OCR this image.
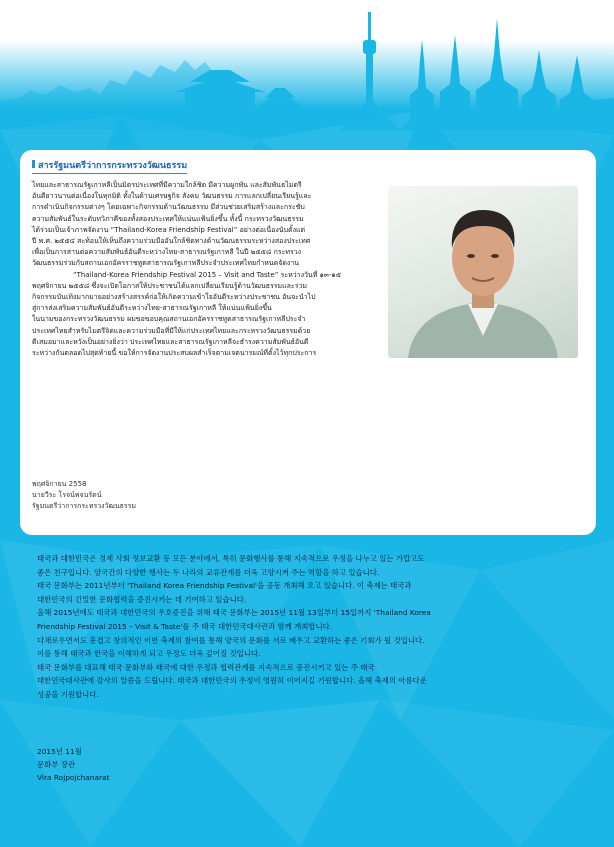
สารรัฐมนตรีว่าการกระทรวงวัฒนธรรม

ไทยและสาธารณรัฐเกาหลีเป็นมิตรประเทศที่มีความใกล้ชิด มีความผูกพัน และสัมพันธไมตรี

อันดียาวนานต่อเนื่องในทุกมิติ ทั้งในด้านเศรษฐกิจ สังคม วัฒนธรรม การแลกเปลี่ยนเรียนรู้และ

การดำเนินกิจกรรมต่างๆ โดยเฉพาะกิจกรรมด้านวัฒนธรรม มีส่วนช่วยเสริมสร้างและกระชับ

ความสัมพันธ์ในระดับทวิภาคีของทั้งสองประเทศให้แน่นแฟ้นยิ่งขึ้น ทั้งนี้ กระทรวงวัฒนธรรม

ได้ร่วมเป็นเจ้าภาพจัดงาน “Thailand-Korea Friendship Festival” อย่างต่อเนื่องนับตั้งแต่

ปี พ.ศ. ๒๕๕๔ สะท้อนให้เห็นถึงความร่วมมืออันใกล้ชิดทางด้านวัฒนธรรมระหว่างสองประเทศ

เพื่อเป็นการสานต่อความสัมพันธ์อันดีระหว่างไทย-สาธารณรัฐเกาหลี ในปี ๒๕๕๘ กระทรวง

วัฒนธรรมร่วมกับสถานเอกอัครราชทูตสาธารณรัฐเกาหลีประจำประเทศไทยกำหนดจัดงาน

“Thailand-Korea Friendship Festival 2015 – Visit and Taste” ระหว่างวันที่ ๑๓-๑๕

พฤศจิกายน ๒๕๕๘ ซึ่งจะเปิดโอกาสให้ประชาชนได้แลกเปลี่ยนเรียนรู้ด้านวัฒนธรรมและร่วม

กิจกรรมบันเทิงมากมายอย่างสร้างสรรค์ก่อให้เกิดความเข้าใจอันดีระหว่างประชาชน อันจะนำไป

สู่การส่งเสริมความสัมพันธ์อันดีระหว่างไทย-สาธารณรัฐเกาหลี ให้แน่นแฟ้นยิ่งขึ้น

ในนามของกระทรวงวัฒนธรรม ผมขอขอบคุณสถานเอกอัครราชทูตสาธารณรัฐเกาหลีประจำ

ประเทศไทยสำหรับไมตรีจิตและความร่วมมือที่มีให้แก่ประเทศไทยและกระทรวงวัฒนธรรมด้วย

ดีเสมอมาและหวังเป็นอย่างยิ่งว่า ประเทศไทยและสาธารณรัฐเกาหลีจะธำรงความสัมพันธ์อันดี

ระหว่างกันตลอดไปสุดท้ายนี้ ขอให้การจัดงานประสบผลสำเร็จตามเจตนารมณ์ที่ตั้งไว้ทุกประการ

พฤศจิกายน 2558
นายวีระ โรจน์พจนรัตน์
รัฐมนตรีว่าการกระทรวงวัฒนธรรม

태국과 대한민국은 경제 사회 정보교환 등 모든 분야에서, 특히 문화행사를 통해 지속적으로 우정을 나누고 있는 가깝고도

좋은 친구입니다. 양국간의 다양한 행사는 두 나라의 교류관계를 더욱 고양시켜 주는 역할을 하고 있습니다.

태국 문화부는 2011년부터 'Thailand Korea Friendship Festival'을 공동 개최해 오고 있습니다. 이 축제는 태국과

대한민국의 긴밀한 문화협력을 증진시키는 데 기여하고 있습니다.

올해 2015년에도 태국과 대한민국의 우호증진을 위해 태국 문화부는 2015년 11월 13일부터 15일까지 'Thailand Korea

Friendship Festival 2015 – Visit & Taste'를 주 태국 대한민국대사관과 함께 개최합니다.

다채로우면서도 흥겹고 창의적인 이번 축제의 참여를 통해 양국의 문화를 서로 배우고 교환하는 좋은 기회가 될 것입니다.

이를 통해 태국과 한국을 이해하게 되고 우정도 더욱 깊어질 것입니다.

태국 문화부를 대표해 태국 문화부와 태국에 대한 우정과 협력관계를 지속적으로 증진시키고 있는 주 태국

대한민국대사관에 감사의 말씀을 드립니다. 태국과 대한민국의 우정이 영원히 이어지길 기원합니다. 올해 축제의 아름다운

성공을 기원합니다.

2015년 11월
문화부 장관
Vira Rojpojchanarat
